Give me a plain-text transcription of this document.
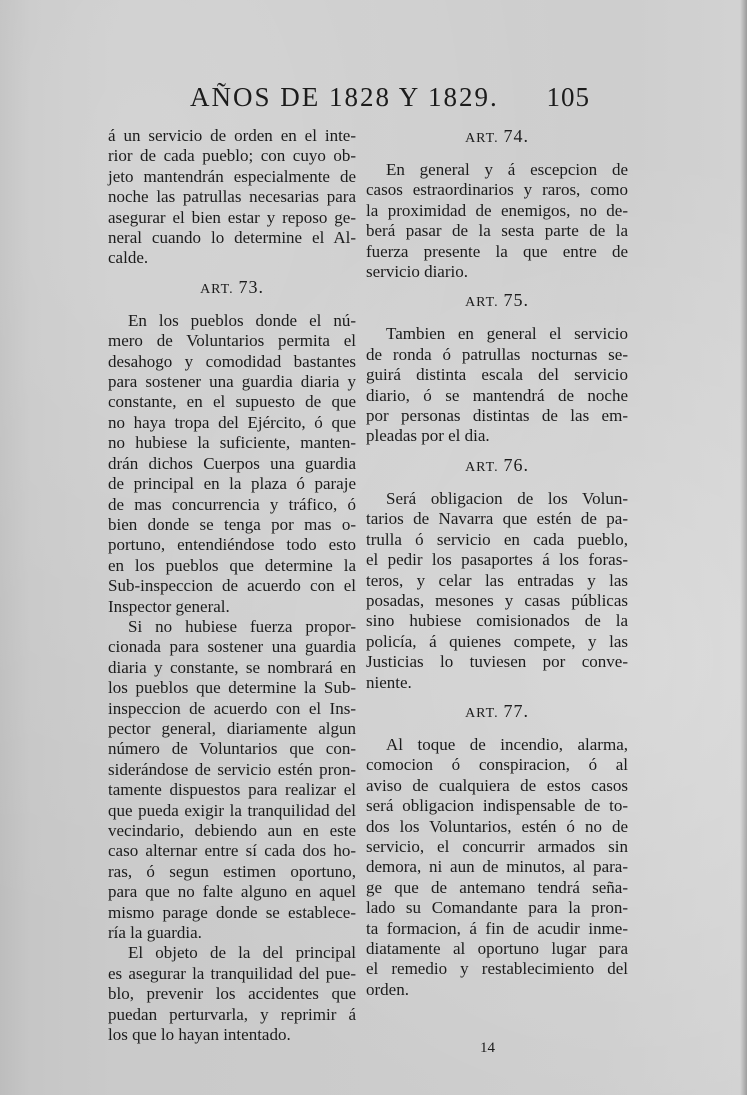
AÑOS DE 1828 Y 1829. 105
á un servicio de orden en el inte-
rior de cada pueblo; con cuyo ob-
jeto mantendrán especialmente de
noche las patrullas necesarias para
asegurar el bien estar y reposo ge-
neral cuando lo determine el Al-
calde.
ART. 73.
En los pueblos donde el nú-
mero de Voluntarios permita el
desahogo y comodidad bastantes
para sostener una guardia diaria y
constante, en el supuesto de que
no haya tropa del Ejército, ó que
no hubiese la suficiente, manten-
drán dichos Cuerpos una guardia
de principal en la plaza ó paraje
de mas concurrencia y tráfico, ó
bien donde se tenga por mas o-
portuno, entendiéndose todo esto
en los pueblos que determine la
Sub-inspeccion de acuerdo con el
Inspector general.
Si no hubiese fuerza propor-
cionada para sostener una guardia
diaria y constante, se nombrará en
los pueblos que determine la Sub-
inspeccion de acuerdo con el Ins-
pector general, diariamente algun
número de Voluntarios que con-
siderándose de servicio estén pron-
tamente dispuestos para realizar el
que pueda exigir la tranquilidad del
vecindario, debiendo aun en este
caso alternar entre sí cada dos ho-
ras, ó segun estimen oportuno,
para que no falte alguno en aquel
mismo parage donde se establece-
ría la guardia.
El objeto de la del principal
es asegurar la tranquilidad del pue-
blo, prevenir los accidentes que
puedan perturvarla, y reprimir á
los que lo hayan intentado.
ART. 74.
En general y á escepcion de
casos estraordinarios y raros, como
la proximidad de enemigos, no de-
berá pasar de la sesta parte de la
fuerza presente la que entre de
servicio diario.
ART. 75.
Tambien en general el servicio
de ronda ó patrullas nocturnas se-
guirá distinta escala del servicio
diario, ó se mantendrá de noche
por personas distintas de las em-
pleadas por el dia.
ART. 76.
Será obligacion de los Volun-
tarios de Navarra que estén de pa-
trulla ó servicio en cada pueblo,
el pedir los pasaportes á los foras-
teros, y celar las entradas y las
posadas, mesones y casas públicas
sino hubiese comisionados de la
policía, á quienes compete, y las
Justicias lo tuviesen por conve-
niente.
ART. 77.
Al toque de incendio, alarma,
comocion ó conspiracion, ó al
aviso de cualquiera de estos casos
será obligacion indispensable de to-
dos los Voluntarios, estén ó no de
servicio, el concurrir armados sin
demora, ni aun de minutos, al para-
ge que de antemano tendrá seña-
lado su Comandante para la pron-
ta formacion, á fin de acudir inme-
diatamente al oportuno lugar para
el remedio y restablecimiento del
orden.
14
